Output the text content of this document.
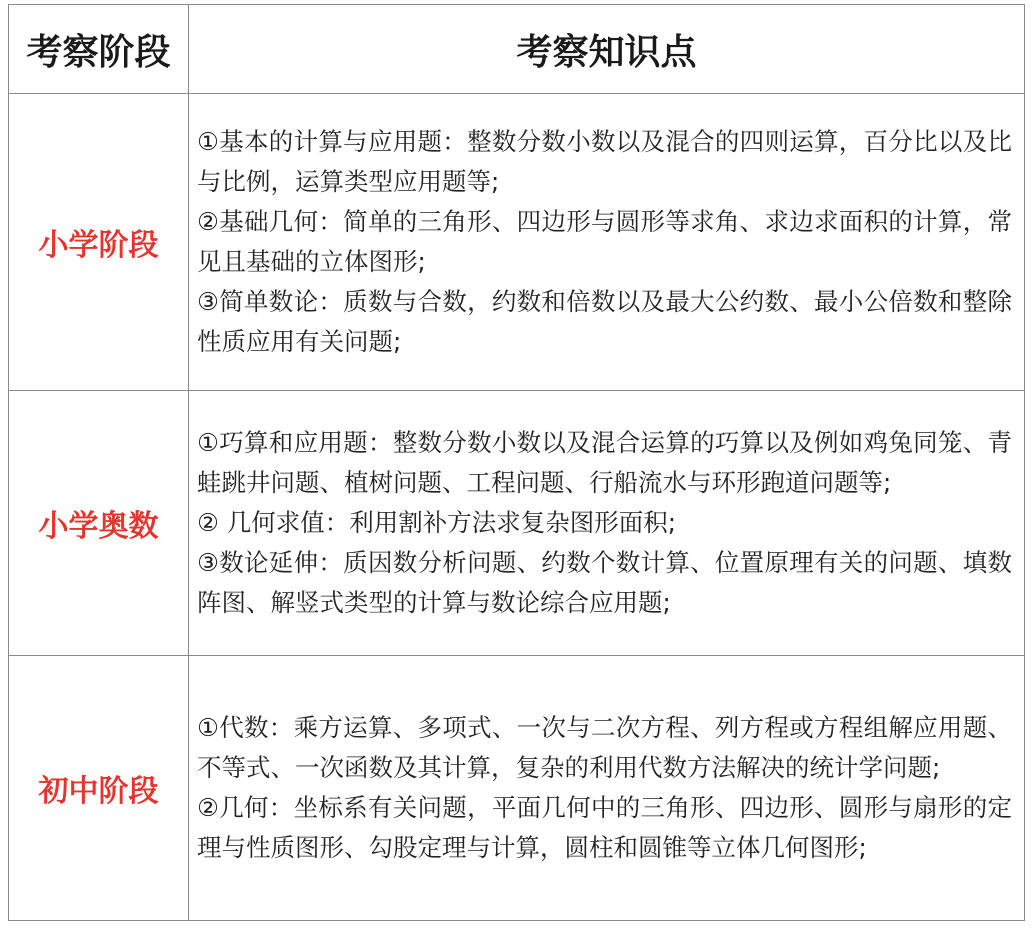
考察阶段	考察知识点
小学阶段	①基本的计算与应用题：整数分数小数以及混合的四则运算，百分比以及比与比例，运算类型应用题等;
②基础几何：简单的三角形、四边形与圆形等求角、求边求面积的计算，常见且基础的立体图形;
③简单数论：质数与合数，约数和倍数以及最大公约数、最小公倍数和整除性质应用有关问题;

小学奥数	①巧算和应用题：整数分数小数以及混合运算的巧算以及例如鸡兔同笼、青蛙跳井问题、植树问题、工程问题、行船流水与环形跑道问题等;
② 几何求值：利用割补方法求复杂图形面积;
③数论延伸：质因数分析问题、约数个数计算、位置原理有关的问题、填数阵图、解竖式类型的计算与数论综合应用题;

初中阶段	①代数：乘方运算、多项式、一次与二次方程、列方程或方程组解应用题、不等式、一次函数及其计算，复杂的利用代数方法解决的统计学问题;
②几何：坐标系有关问题，平面几何中的三角形、四边形、圆形与扇形的定理与性质图形、勾股定理与计算，圆柱和圆锥等立体几何图形;
